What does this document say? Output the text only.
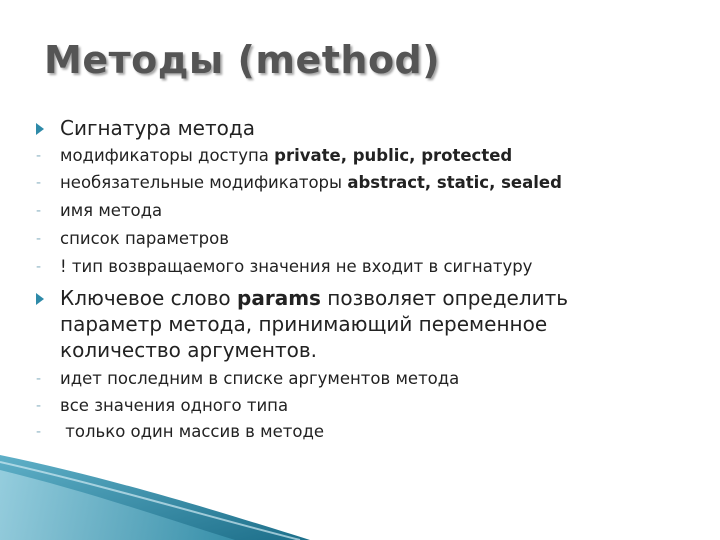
Методы (method)
Сигнатура метода
-	модификаторы доступа private, public, protected
-	необязательные модификаторы abstract, static, sealed
-	имя метода
-	список параметров
-	! тип возвращаемого значения не входит в сигнатуру
Ключевое слово params позволяет определить
параметр метода, принимающий переменное
количество аргументов.
-	идет последним в списке аргументов метода
-	все значения одного типа
-	только один массив в методе
